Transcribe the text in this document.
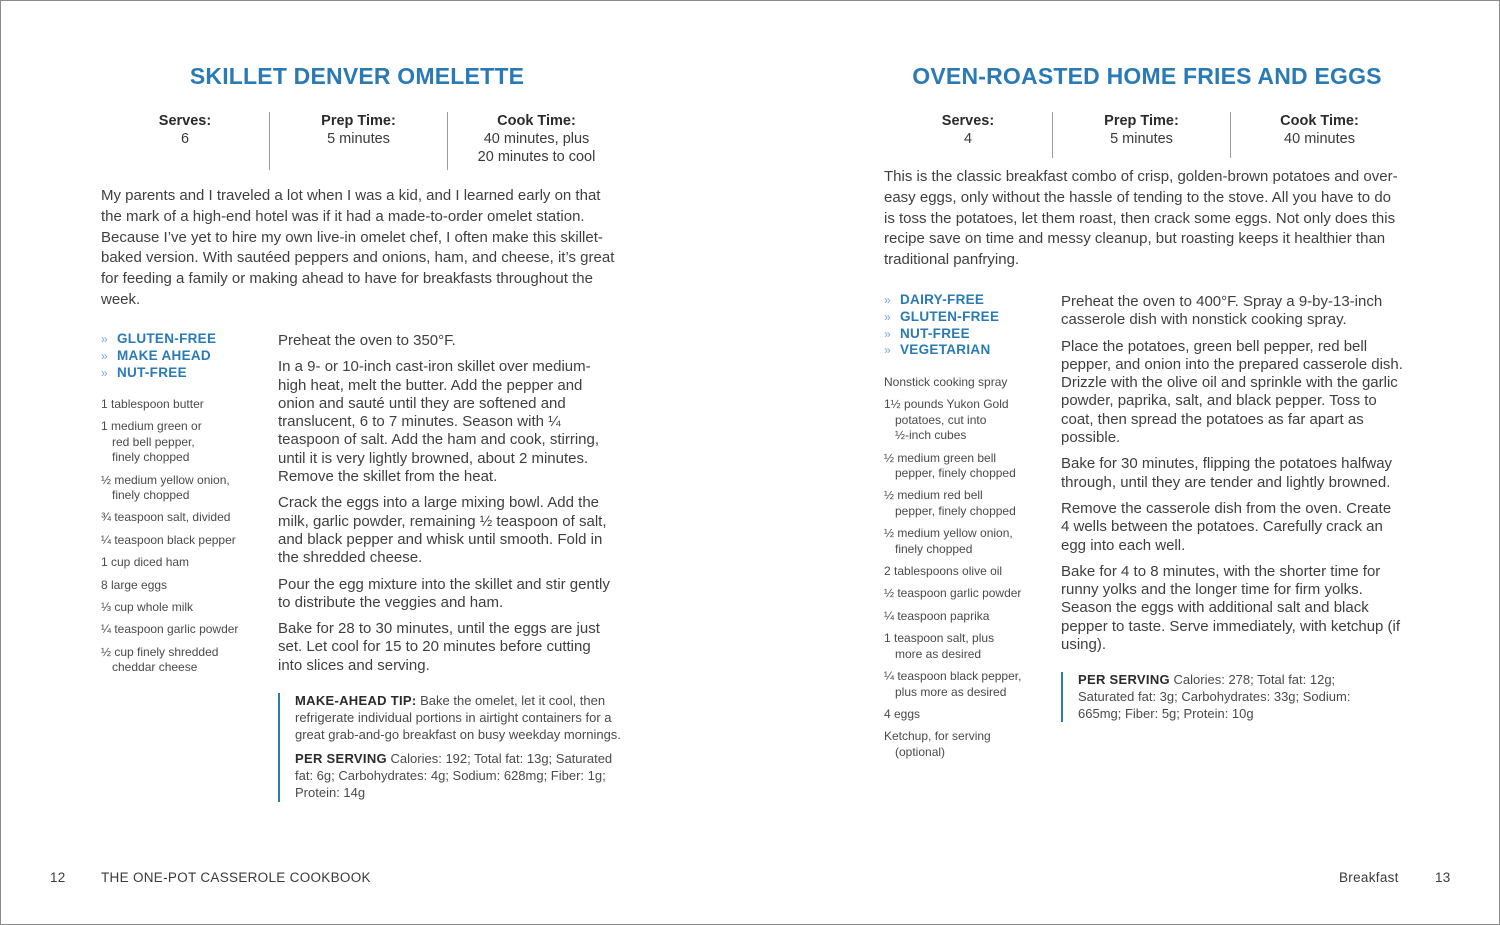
SKILLET DENVER OMELETTE
Serves:
6
Prep Time:
5 minutes
Cook Time:
40 minutes, plus
20 minutes to cool

My parents and I traveled a lot when I was a kid, and I learned early on that the mark of a high-end hotel was if it had a made-to-order omelet station. Because I’ve yet to hire my own live-in omelet chef, I often make this skillet-baked version. With sautéed peppers and onions, ham, and cheese, it’s great for feeding a family or making ahead to have for breakfasts throughout the week.

» GLUTEN-FREE
» MAKE AHEAD
» NUT-FREE
1 tablespoon butter
1 medium green or
red bell pepper,
finely chopped
½ medium yellow onion,
finely chopped
¾ teaspoon salt, divided
¼ teaspoon black pepper
1 cup diced ham
8 large eggs
⅓ cup whole milk
¼ teaspoon garlic powder
½ cup finely shredded
cheddar cheese

Preheat the oven to 350°F.

In a 9- or 10-inch cast-iron skillet over medium-high heat, melt the butter. Add the pepper and onion and sauté until they are softened and translucent, 6 to 7 minutes. Season with ¼ teaspoon of salt. Add the ham and cook, stirring, until it is very lightly browned, about 2 minutes. Remove the skillet from the heat.

Crack the eggs into a large mixing bowl. Add the milk, garlic powder, remaining ½ teaspoon of salt, and black pepper and whisk until smooth. Fold in the shredded cheese.

Pour the egg mixture into the skillet and stir gently to distribute the veggies and ham.

Bake for 28 to 30 minutes, until the eggs are just set. Let cool for 15 to 20 minutes before cutting into slices and serving.

MAKE-AHEAD TIP: Bake the omelet, let it cool, then refrigerate individual portions in airtight containers for a great grab-and-go breakfast on busy weekday mornings.

PER SERVING Calories: 192; Total fat: 13g; Saturated fat: 6g; Carbohydrates: 4g; Sodium: 628mg; Fiber: 1g; Protein: 14g

12	THE ONE-POT CASSEROLE COOKBOOK
OVEN-ROASTED HOME FRIES AND EGGS
Serves:
4
Prep Time:
5 minutes
Cook Time:
40 minutes

This is the classic breakfast combo of crisp, golden-brown potatoes and over-easy eggs, only without the hassle of tending to the stove. All you have to do is toss the potatoes, let them roast, then crack some eggs. Not only does this recipe save on time and messy cleanup, but roasting keeps it healthier than traditional panfrying.

» DAIRY-FREE
» GLUTEN-FREE
» NUT-FREE
» VEGETARIAN
Nonstick cooking spray
1½ pounds Yukon Gold
potatoes, cut into
½-inch cubes
½ medium green bell
pepper, finely chopped
½ medium red bell
pepper, finely chopped
½ medium yellow onion,
finely chopped
2 tablespoons olive oil
½ teaspoon garlic powder
¼ teaspoon paprika
1 teaspoon salt, plus
more as desired
¼ teaspoon black pepper,
plus more as desired
4 eggs
Ketchup, for serving
(optional)

Preheat the oven to 400°F. Spray a 9-by-13-inch casserole dish with nonstick cooking spray.

Place the potatoes, green bell pepper, red bell pepper, and onion into the prepared casserole dish. Drizzle with the olive oil and sprinkle with the garlic powder, paprika, salt, and black pepper. Toss to coat, then spread the potatoes as far apart as possible.

Bake for 30 minutes, flipping the potatoes halfway through, until they are tender and lightly browned.

Remove the casserole dish from the oven. Create 4 wells between the potatoes. Carefully crack an egg into each well.

Bake for 4 to 8 minutes, with the shorter time for runny yolks and the longer time for firm yolks. Season the eggs with additional salt and black pepper to taste. Serve immediately, with ketchup (if using).

PER SERVING Calories: 278; Total fat: 12g; Saturated fat: 3g; Carbohydrates: 33g; Sodium: 665mg; Fiber: 5g; Protein: 10g

Breakfast	13
